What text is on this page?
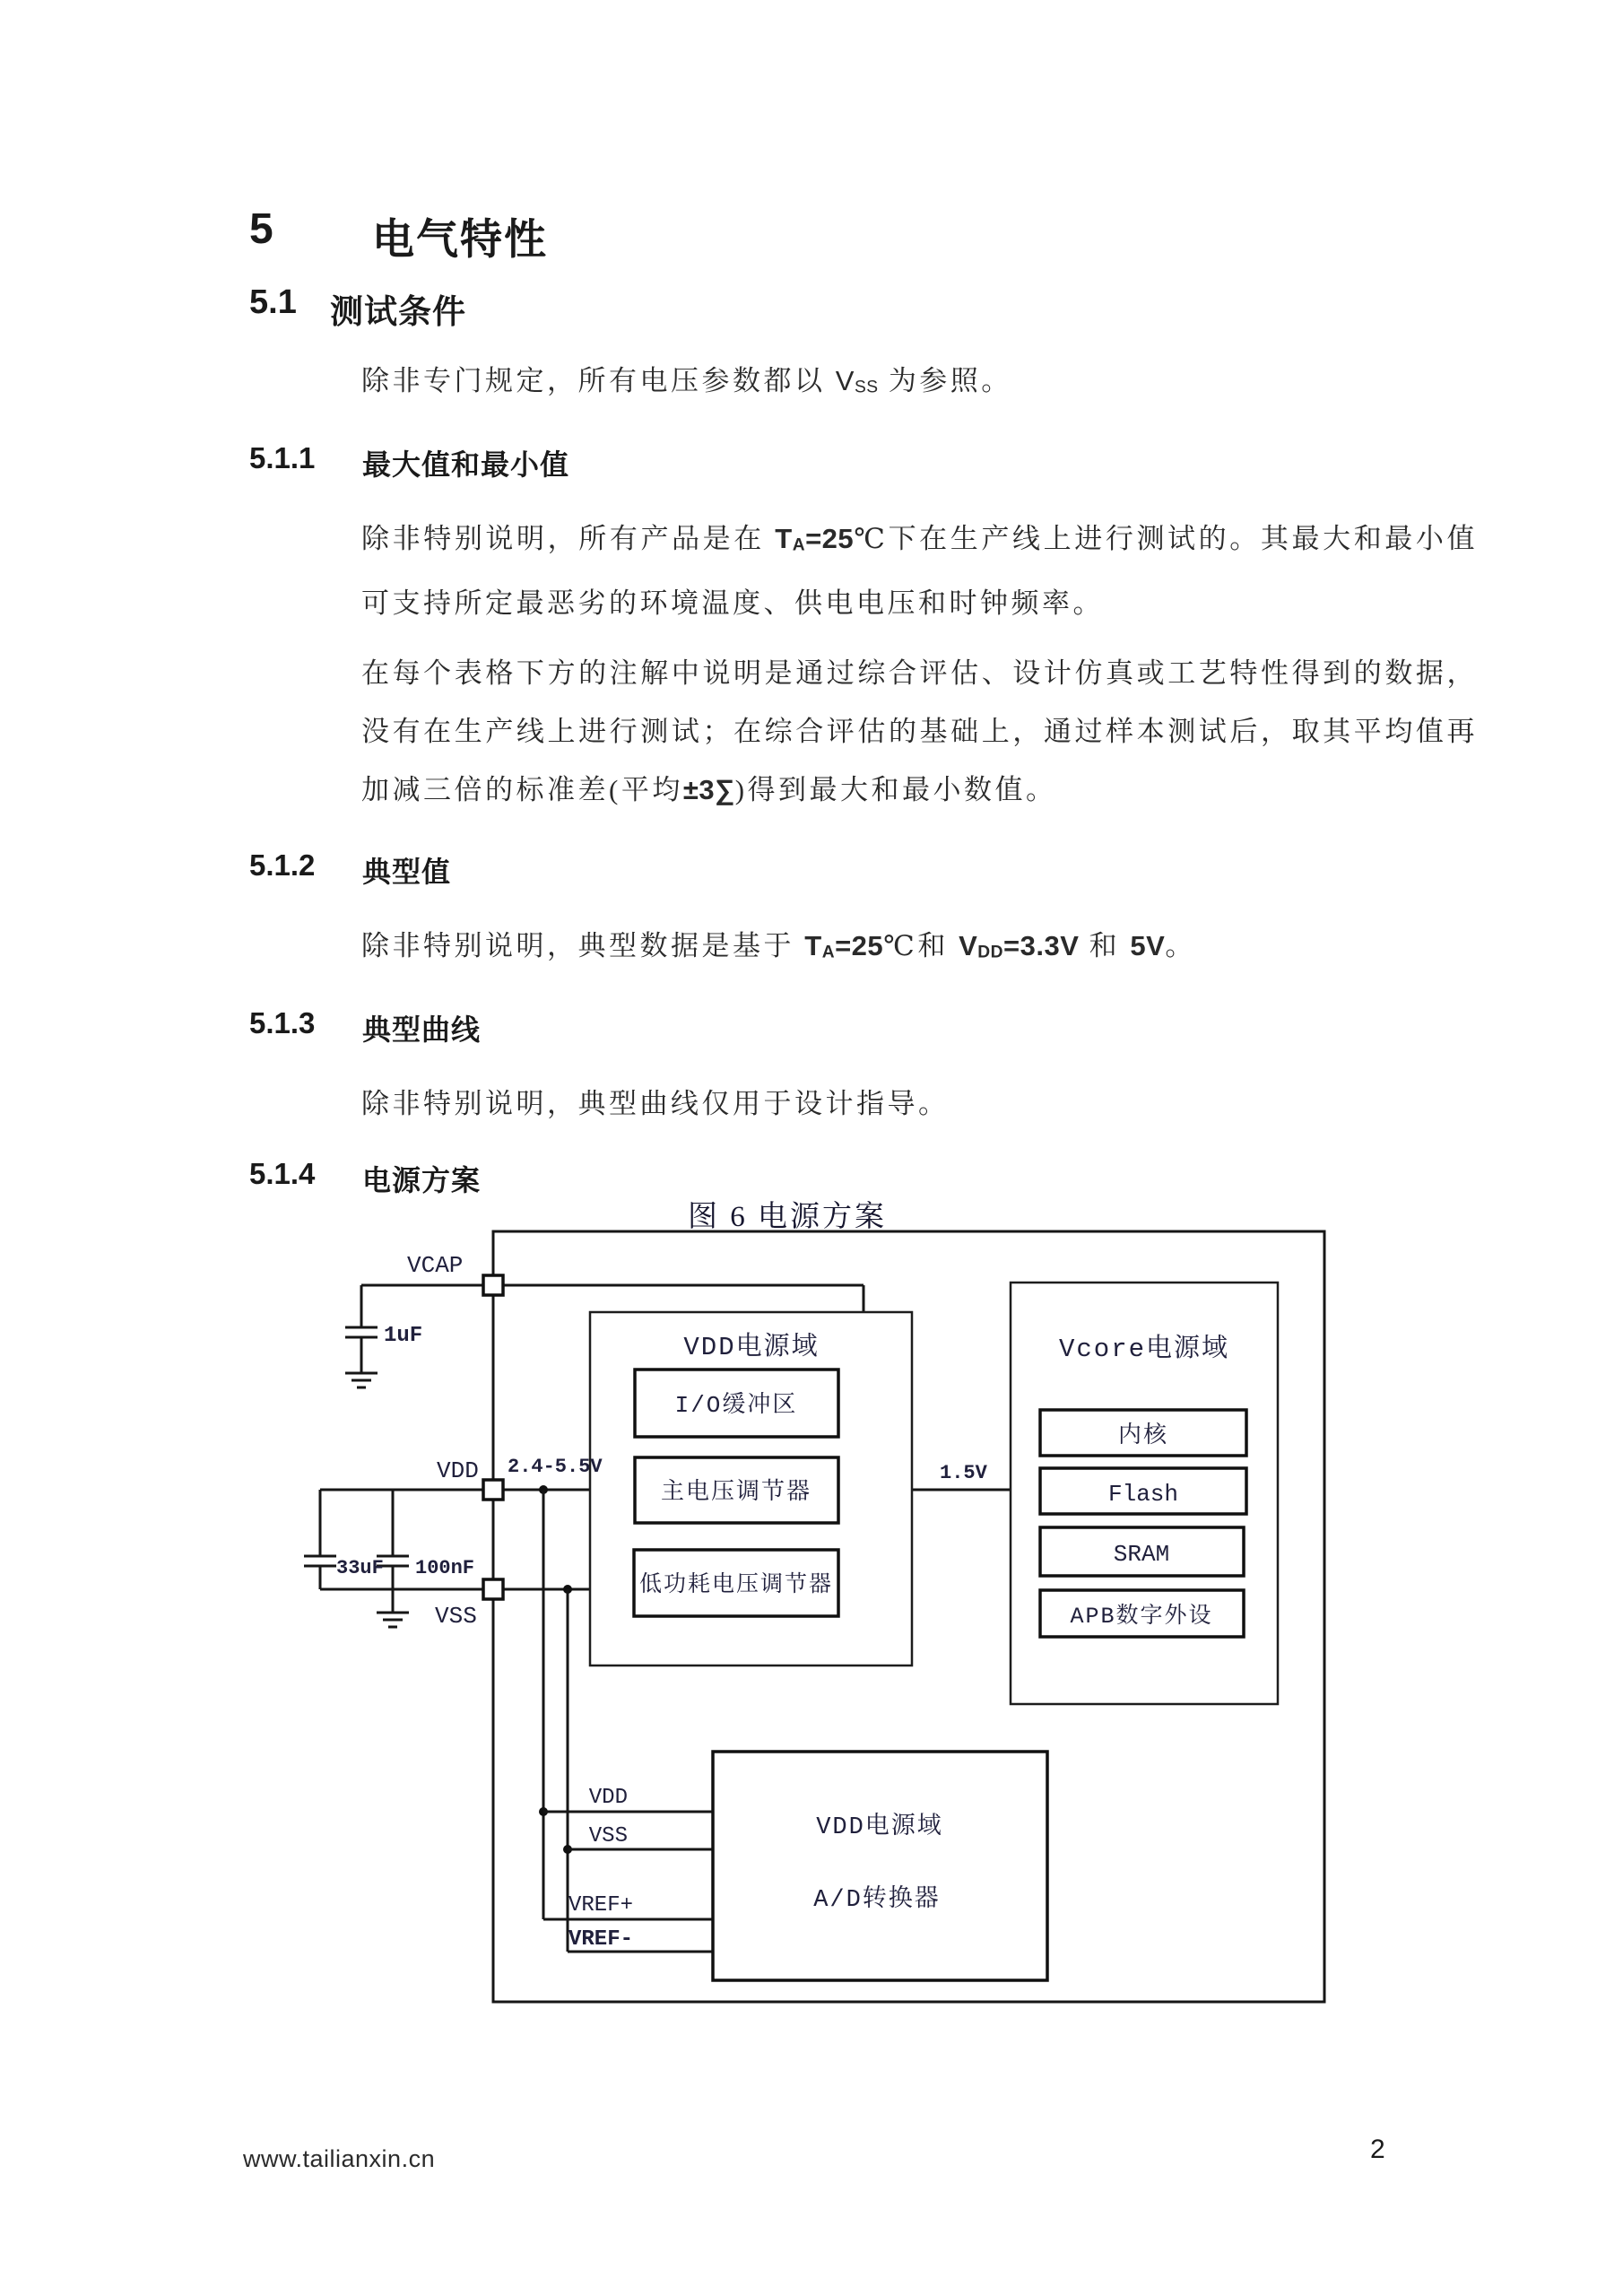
5 电气特性
5.1 测试条件

除非专门规定，所有电压参数都以 VSS 为参照。

5.1.1 最大值和最小值

除非特别说明，所有产品是在 TA=25℃下在生产线上进行测试的。其最大和最小值可支持所定最恶劣的环境温度、供电电压和时钟频率。

在每个表格下方的注解中说明是通过综合评估、设计仿真或工艺特性得到的数据，没有在生产线上进行测试；在综合评估的基础上，通过样本测试后，取其平均值再加减三倍的标准差(平均±3∑)得到最大和最小数值。

5.1.2 典型值

除非特别说明，典型数据是基于 TA=25℃和 VDD=3.3V 和 5V。

5.1.3 典型曲线

除非特别说明，典型曲线仅用于设计指导。

5.1.4 电源方案
图 6 电源方案
VDD电源域
I/O缓冲区
主电压调节器
低功耗电压调节器
Vcore电源域
内核
Flash
SRAM
APB数字外设
VDD电源域
A/D转换器
VCAP
1uF
VDD 2.4-5.5V
33uF 100nF
VSS
1.5V
VDD
VSS
VREF+
VREF-
www.tailianxin.cn	2
